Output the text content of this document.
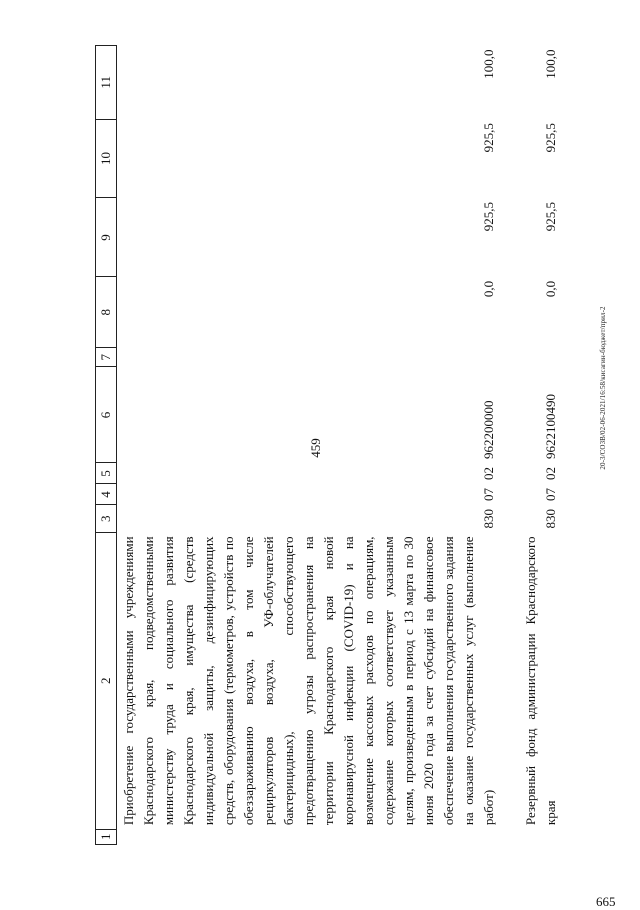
459	20-3/CO3B/02-06-2021/16:58/кисагин-бюджет/прил-2
1	2	3	4	5	6	7	8	9	10	11
	Приобретение государственными учреждениями Краснодарского края, подведомственными министерству труда и социального развития Краснодарского края, имущества (средств индивидуальной защиты, дезинфицирующих средств, оборудования (термометров, устройств по обеззараживанию воздуха, в том числе рециркуляторов воздуха, УФ-облучателей бактерицидных), способствующего предотвращению угрозы распространения на территории Краснодарского края новой коронавирусной инфекции (COVID-19) и на возмещение кассовых расходов по операциям, содержание которых соответствует указанным целям, произведенным в период с 13 марта по 30 июня 2020 года за счет субсидий на финансовое обеспечение выполнения государственного задания на оказание государственных услуг (выполнение работ)	830	07	02	962200000		0,0	925,5	925,5	100,0

	Резервный фонд администрации Краснодарского края	830	07	02	9622100490		0,0	925,5	925,5	100,0
665
